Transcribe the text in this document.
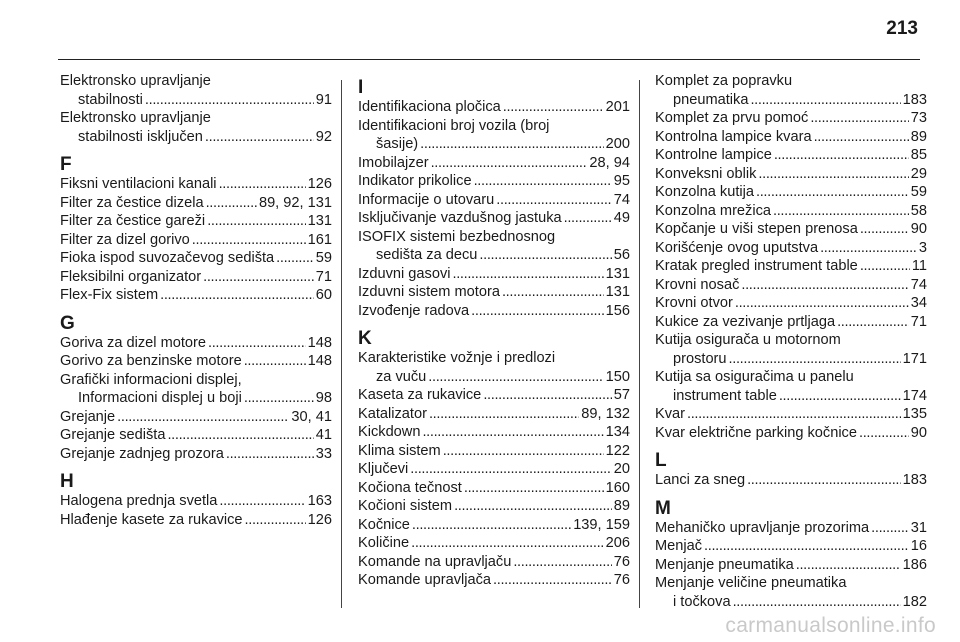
213
Elektronsko upravljanje
stabilnosti . . .	91
Elektronsko upravljanje
stabilnosti isključen . . .	92
F
Fiksni ventilacioni kanali . . .	126
Filter za čestice dizela . . .	89, 92, 131
Filter za čestice gareži . . .	131
Filter za dizel gorivo . . .	161
Fioka ispod suvozačevog sedišta . . .	59
Fleksibilni organizator . . .	71
Flex-Fix sistem . . .	60
G
Goriva za dizel motore . . .	148
Gorivo za benzinske motore . . .	148
Grafički informacioni displej,
Informacioni displej u boji . . .	98
Grejanje . . .	30, 41
Grejanje sedišta . . .	41
Grejanje zadnjeg prozora . . .	33
H
Halogena prednja svetla . . .	163
Hlađenje kasete za rukavice . . .	126
I
Identifikaciona pločica . . .	201
Identifikacioni broj vozila (broj
šasije) . . .	200
Imobilajzer . . .	28, 94
Indikator prikolice . . .	95
Informacije o utovaru . . .	74
Isključivanje vazdušnog jastuka . . .	49
ISOFIX sistemi bezbednosnog
sedišta za decu . . .	56
Izduvni gasovi . . .	131
Izduvni sistem motora . . .	131
Izvođenje radova . . .	156
K
Karakteristike vožnje i predlozi
za vuču . . .	150
Kaseta za rukavice . . .	57
Katalizator . . .	89, 132
Kickdown . . .	134
Klima sistem . . .	122
Ključevi . . .	20
Kočiona tečnost . . .	160
Kočioni sistem . . .	89
Kočnice . . .	139, 159
Količine . . .	206
Komande na upravljaču . . .	76
Komande upravljača . . .	76
Komplet za popravku
pneumatika . . .	183
Komplet za prvu pomoć . . .	73
Kontrolna lampice kvara . . .	89
Kontrolne lampice . . .	85
Konveksni oblik . . .	29
Konzolna kutija . . .	59
Konzolna mrežica . . .	58
Kopčanje u viši stepen prenosa . . .	90
Korišćenje ovog uputstva . . .	3
Kratak pregled instrument table . . .	11
Krovni nosač . . .	74
Krovni otvor . . .	34
Kukice za vezivanje prtljaga . . .	71
Kutija osigurača u motornom
prostoru . . .	171
Kutija sa osiguračima u panelu
instrument table . . .	174
Kvar . . .	135
Kvar električne parking kočnice . . .	90
L
Lanci za sneg . . .	183
M
Mehaničko upravljanje prozorima . . .	31
Menjač . . .	16
Menjanje pneumatika . . .	186
Menjanje veličine pneumatika
i točkova . . .	182
carmanualsonline.info
